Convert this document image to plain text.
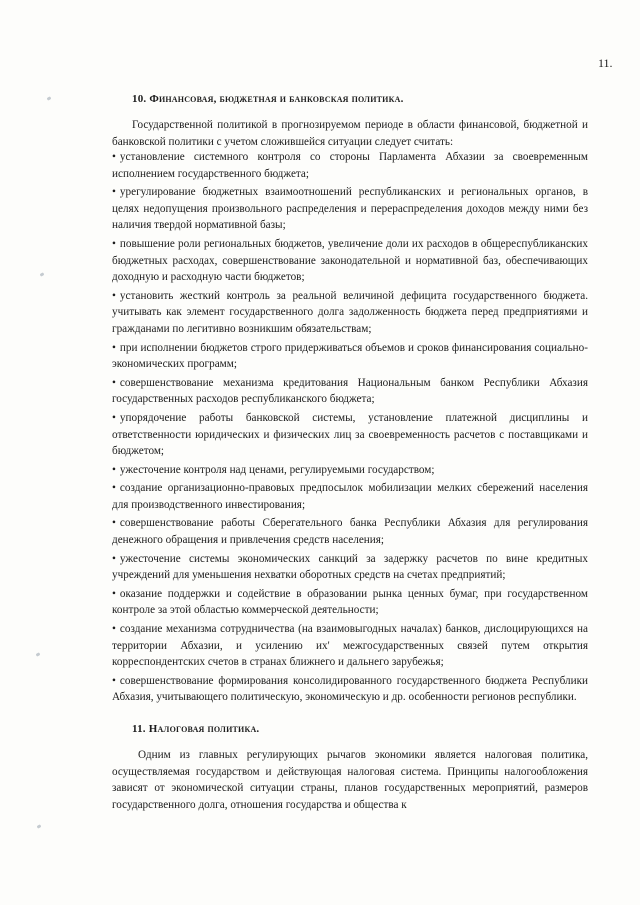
11.
10. Финансовая, бюджетная и банковская политика.
Государственной политикой в прогнозируемом периоде в области финансовой, бюджетной и банковской политики с учетом сложившейся ситуации следует считать:
• установление системного контроля со стороны Парламента Абхазии за своевременным исполнением государственного бюджета;
• урегулирование бюджетных взаимоотношений республиканских и региональных органов, в целях недопущения произвольного распределения и перераспределения доходов между ними без наличия твердой нормативной базы;
• повышение роли региональных бюджетов, увеличение доли их расходов в общереспубликанских бюджетных расходах, совершенствование законодательной и нормативной баз, обеспечивающих доходную и расходную части бюджетов;
• установить жесткий контроль за реальной величиной дефицита государственного бюджета. учитывать как элемент государственного долга задолженность бюджета перед предприятиями и гражданами по легитивно возникшим обязательствам;
• при исполнении бюджетов строго придерживаться объемов и сроков финансирования социально-экономических программ;
• совершенствование механизма кредитования Национальным банком Республики Абхазия государственных расходов республиканского бюджета;
• упорядочение работы банковской системы, установление платежной дисциплины и ответственности юридических и физических лиц за своевременность расчетов с поставщиками и бюджетом;
• ужесточение контроля над ценами, регулируемыми государством;
• создание организационно-правовых предпосылок мобилизации мелких сбережений населения для производственного инвестирования;
• совершенствование работы Сберегательного банка Республики Абхазия для регулирования денежного обращения и привлечения средств населения;
• ужесточение системы экономических санкций за задержку расчетов по вине кредитных учреждений для уменьшения нехватки оборотных средств на счетах предприятий;
• оказание поддержки и содействие в образовании рынка ценных бумаг, при государственном контроле за этой областью коммерческой деятельности;
• создание механизма сотрудничества (на взаимовыгодных началах) банков, дислоцирующихся на территории Абхазии, и усилению их' межгосударственных связей путем открытия корреспондентских счетов в странах ближнего и дальнего зарубежья;
• совершенствование формирования консолидированного государственного бюджета Республики Абхазия, учитывающего политическую, экономическую и др. особенности регионов республики.
11. Налоговая политика.
Одним из главных регулирующих рычагов экономики является налоговая политика, осуществляемая государством и действующая налоговая система. Принципы налогообложения зависят от экономической ситуации страны, планов государственных мероприятий, размеров государственного долга, отношения государства и общества к
